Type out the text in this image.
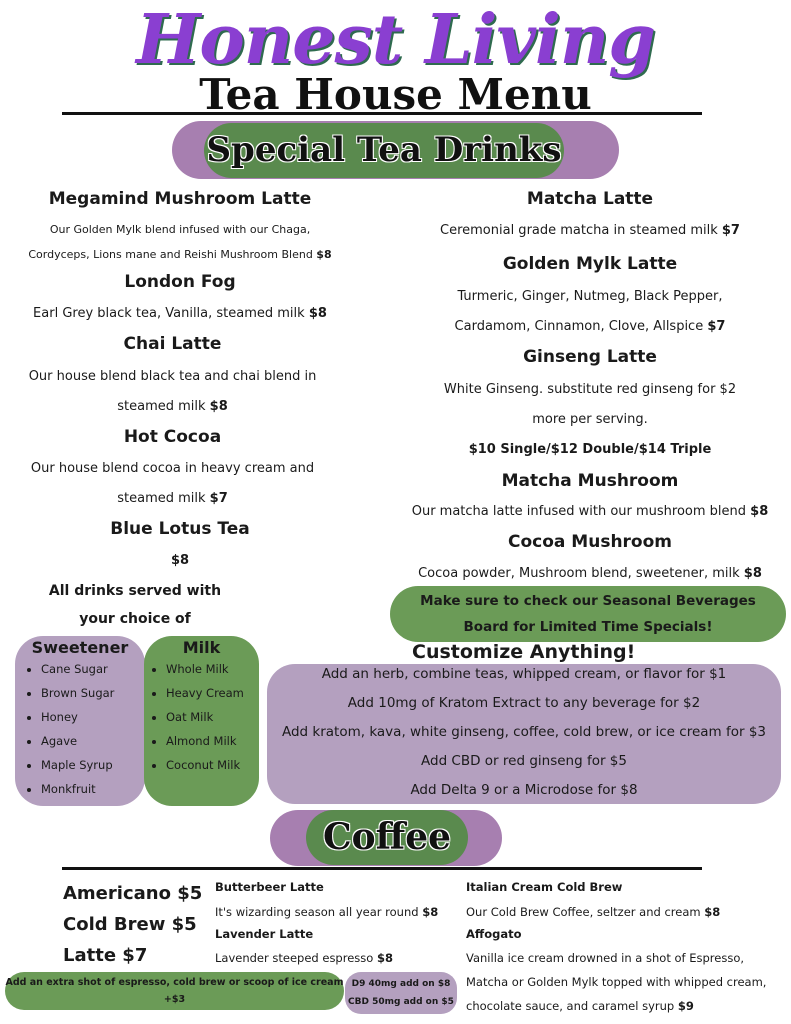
Honest Living
Tea House Menu
Special Tea Drinks
Megamind Mushroom Latte
Our Golden Mylk blend infused with our Chaga,
Cordyceps, Lions mane and Reishi Mushroom Blend $8
London Fog
Earl Grey black tea, Vanilla, steamed milk $8
Chai Latte
Our house blend black tea and chai blend in
steamed milk $8
Hot Cocoa
Our house blend cocoa in heavy cream and
steamed milk $7
Blue Lotus Tea
$8
Matcha Latte
Ceremonial grade matcha in steamed milk $7
Golden Mylk Latte
Turmeric, Ginger, Nutmeg, Black Pepper,
Cardamom, Cinnamon, Clove, Allspice $7
Ginseng Latte
White Ginseng. substitute red ginseng for $2
more per serving.
$10 Single/$12 Double/$14 Triple
Matcha Mushroom
Our matcha latte infused with our mushroom blend $8
Cocoa Mushroom
Cocoa powder, Mushroom blend, sweetener, milk $8
All drinks served with
your choice of
Sweetener
• Cane Sugar
• Brown Sugar
• Honey
• Agave
• Maple Syrup
• Monkfruit
Milk
• Whole Milk
• Heavy Cream
• Oat Milk
• Almond Milk
• Coconut Milk
Make sure to check our Seasonal Beverages
Board for Limited Time Specials!
Customize Anything!
Add an herb, combine teas, whipped cream, or flavor for $1
Add 10mg of Kratom Extract to any beverage for $2
Add kratom, kava, white ginseng, coffee, cold brew, or ice cream for $3
Add CBD or red ginseng for $5
Add Delta 9 or a Microdose for $8
Coffee
Americano $5
Cold Brew $5
Latte $7
Butterbeer Latte
It's wizarding season all year round $8
Lavender Latte
Lavender steeped espresso $8
Italian Cream Cold Brew
Our Cold Brew Coffee, seltzer and cream $8
Affogato
Vanilla ice cream drowned in a shot of Espresso,
Matcha or Golden Mylk topped with whipped cream,
chocolate sauce, and caramel syrup $9
Add an extra shot of espresso, cold brew or scoop of ice cream
+$3
D9 40mg add on $8
CBD 50mg add on $5
